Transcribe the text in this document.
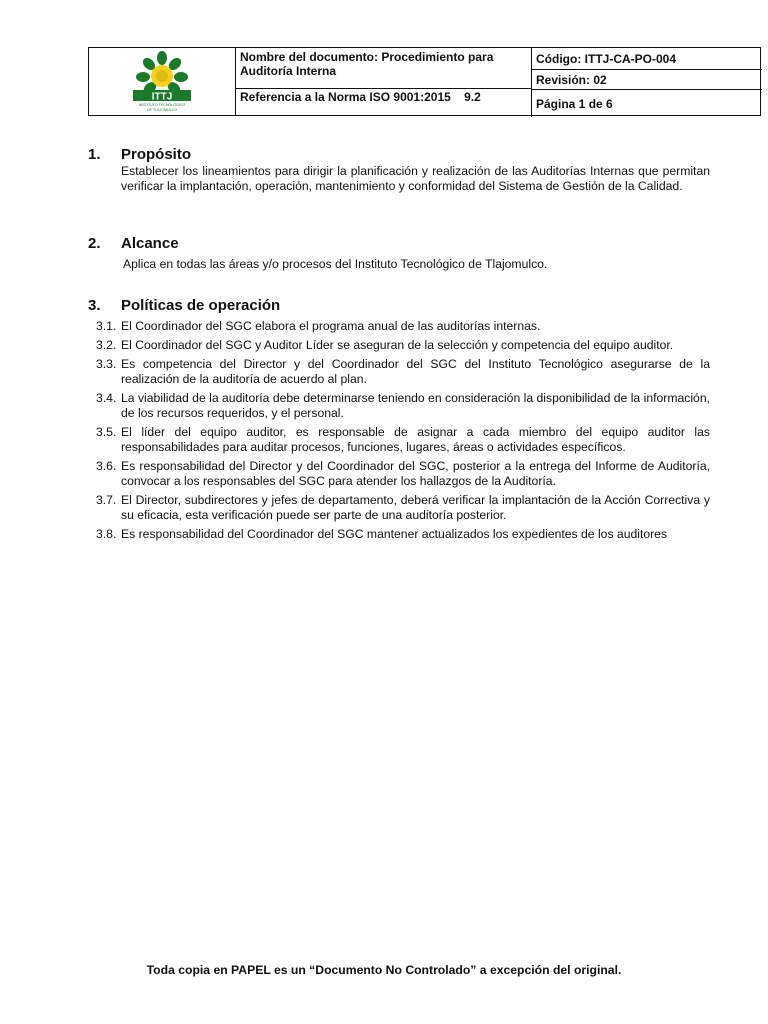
ITTJ
INSTITUTO TECNOLÓGICO
DE TLAJOMULCO
Nombre del documento: Procedimiento para Auditoría Interna
Referencia a la Norma ISO 9001:2015    9.2
Código: ITTJ-CA-PO-004
Revisión: 02
Página 1 de 6
1. Propósito

Establecer los lineamientos para dirigir la planificación y realización de las Auditorías Internas que permitan verificar la implantación, operación, mantenimiento y conformidad del Sistema de Gestión de la Calidad.

2. Alcance

Aplica en todas las áreas y/o procesos del Instituto Tecnológico de Tlajomulco.

3. Políticas de operación
3.1. El Coordinador del SGC elabora el programa anual de las auditorías internas.
3.2. El Coordinador del SGC y Auditor Líder se aseguran de la selección y competencia del equipo auditor.
3.3. Es competencia del Director y del Coordinador del SGC del Instituto Tecnológico asegurarse de la realización de la auditoría de acuerdo al plan.
3.4. La viabilidad de la auditoría debe determinarse teniendo en consideración la disponibilidad de la información, de los recursos requeridos, y el personal.
3.5. El líder del equipo auditor, es responsable de asignar a cada miembro del equipo auditor las responsabilidades para auditar procesos, funciones, lugares, áreas o actividades específicos.
3.6. Es responsabilidad del Director y del Coordinador del SGC, posterior a la entrega del Informe de Auditoría, convocar a los responsables del SGC para atender los hallazgos de la Auditoría.
3.7. El Director, subdirectores y jefes de departamento, deberá verificar la implantación de la Acción Correctiva y su eficacia, esta verificación puede ser parte de una auditoría posterior.
3.8. Es responsabilidad del Coordinador del SGC mantener actualizados los expedientes de los auditores
Toda copia en PAPEL es un “Documento No Controlado” a excepción del original.
